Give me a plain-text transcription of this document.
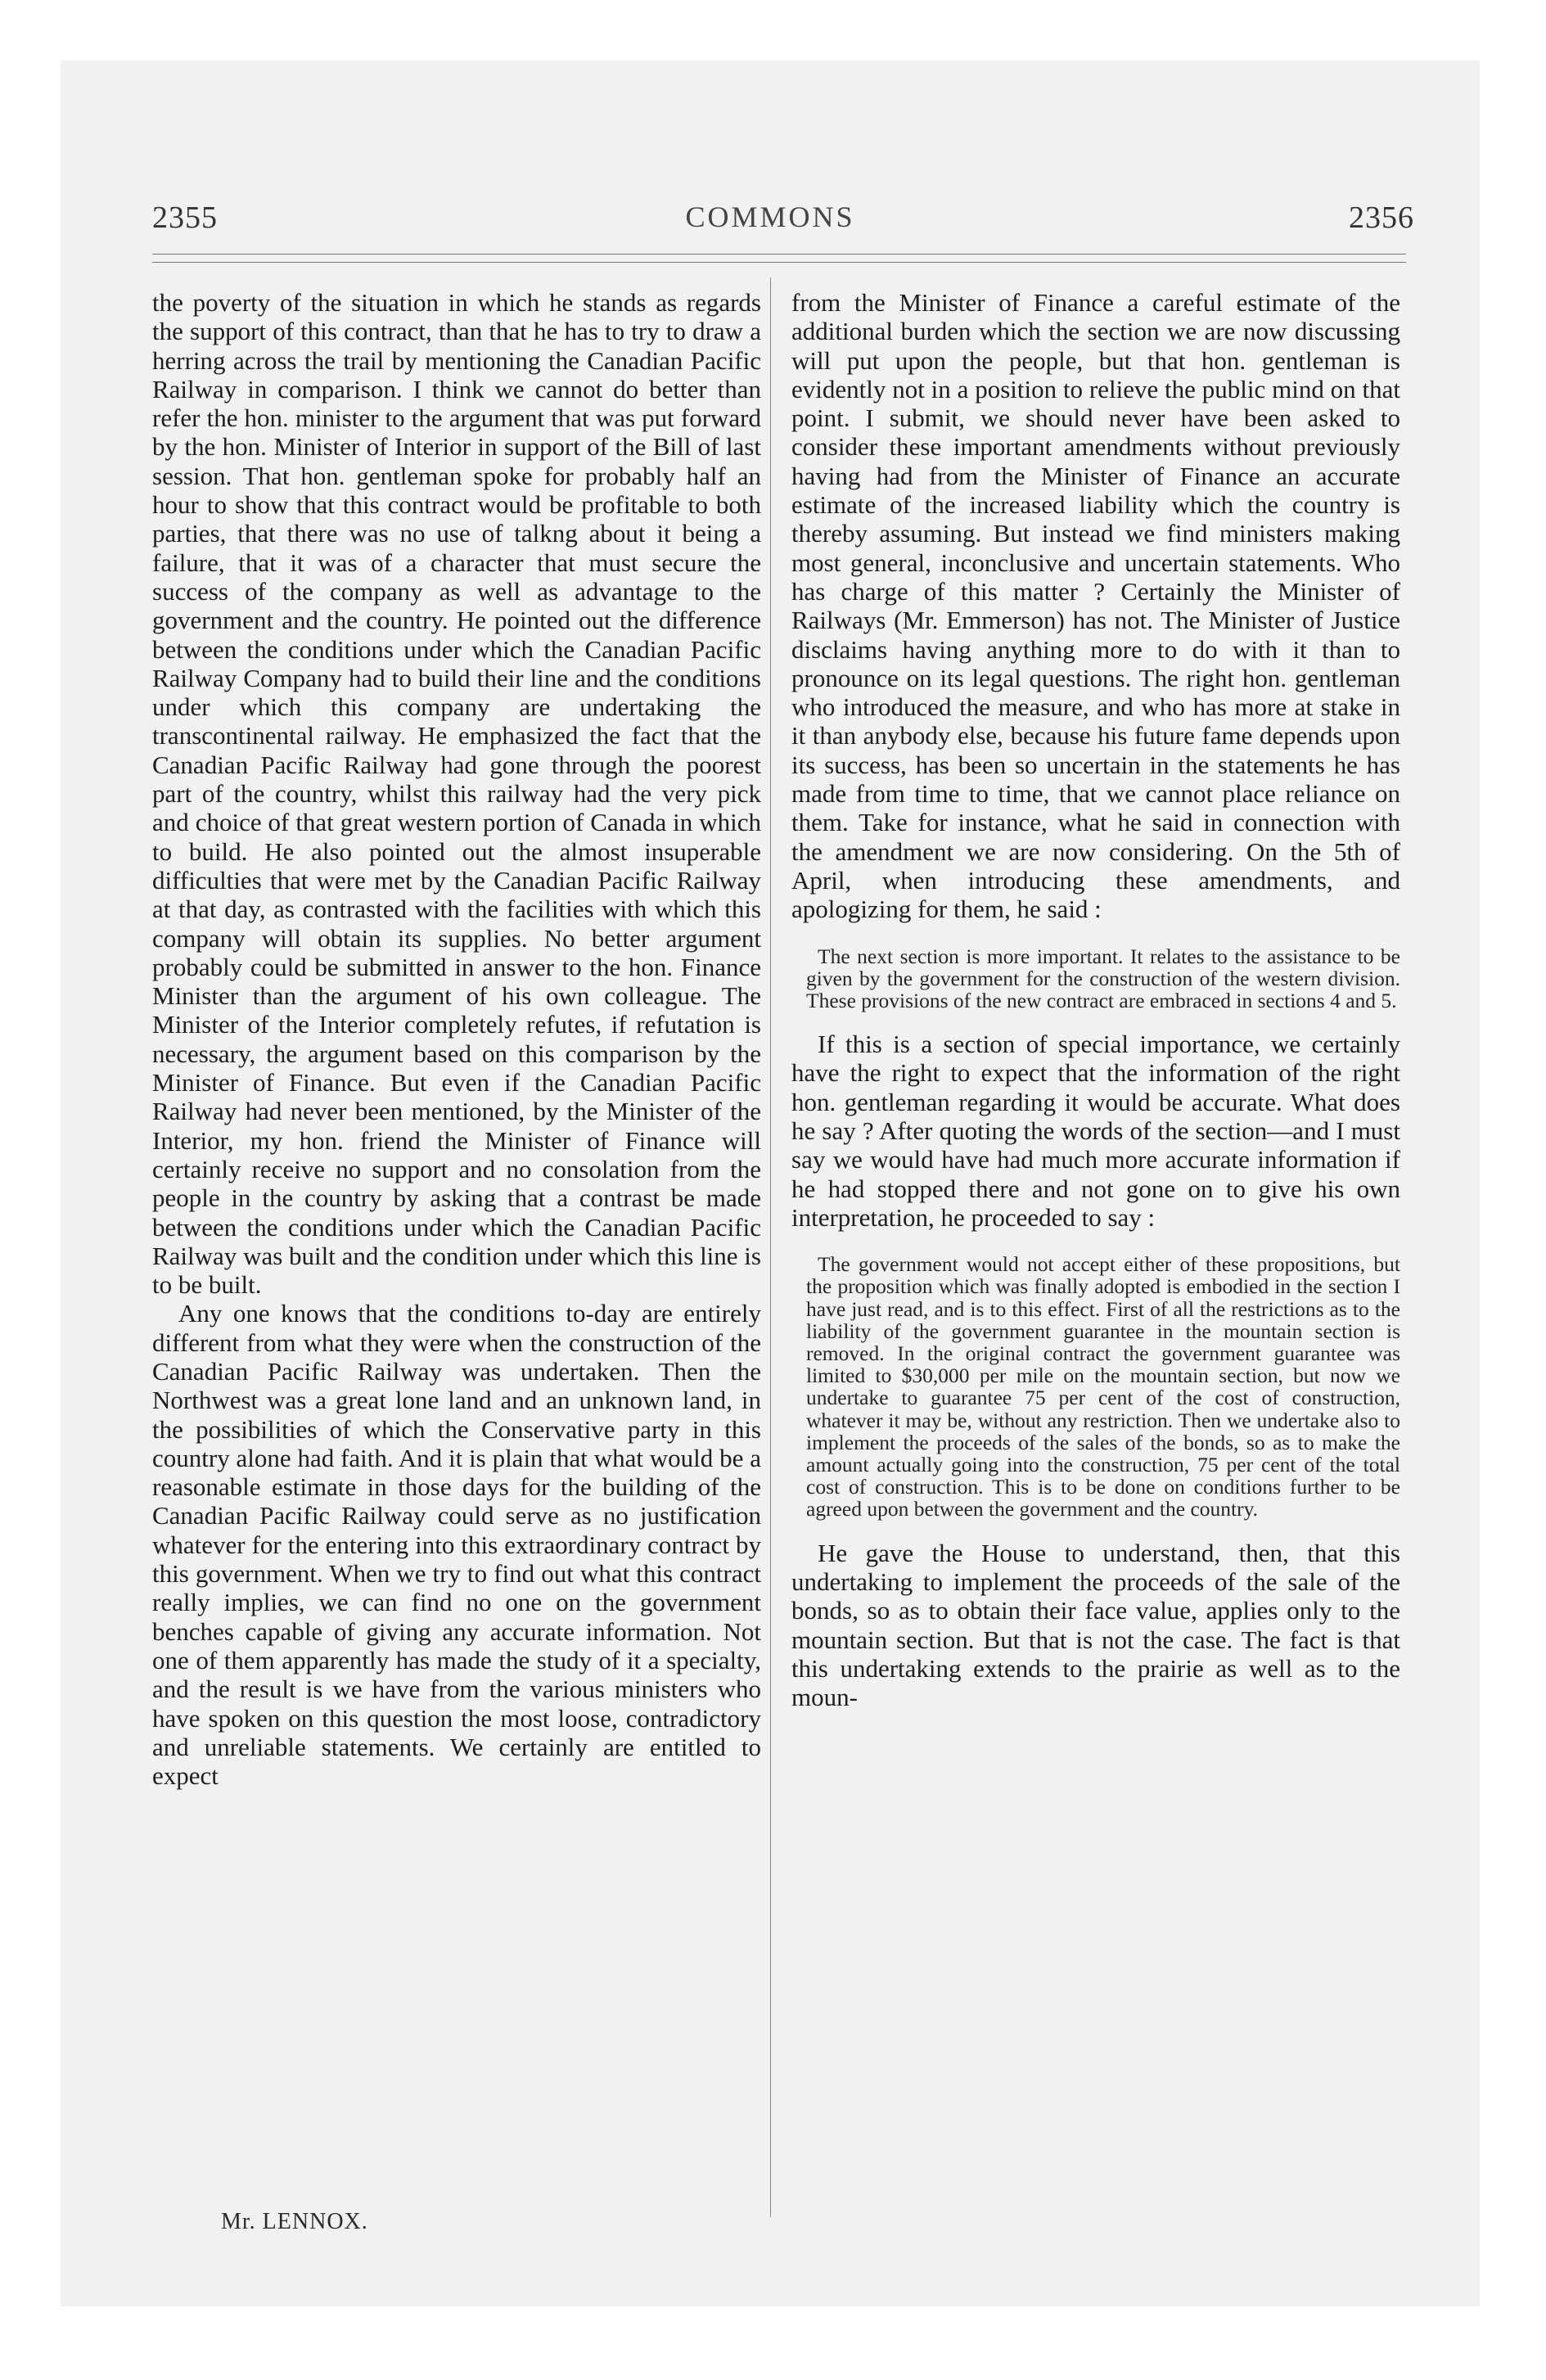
2355	COMMONS	2356

the poverty of the situation in which he stands as regards the support of this contract, than that he has to try to draw a herring across the trail by mentioning the Canadian Pacific Railway in comparison. I think we cannot do better than refer the hon. minister to the argument that was put forward by the hon. Minister of Interior in support of the Bill of last session. That hon. gentleman spoke for probably half an hour to show that this contract would be profitable to both parties, that there was no use of talkng about it being a failure, that it was of a character that must secure the success of the company as well as advantage to the government and the country. He pointed out the difference between the conditions under which the Canadian Pacific Railway Company had to build their line and the conditions under which this company are undertaking the transcontinental railway. He emphasized the fact that the Canadian Pacific Railway had gone through the poorest part of the country, whilst this railway had the very pick and choice of that great western portion of Canada in which to build. He also pointed out the almost insuperable difficulties that were met by the Canadian Pacific Railway at that day, as contrasted with the facilities with which this company will obtain its supplies. No better argument probably could be submitted in answer to the hon. Finance Minister than the argument of his own colleague. The Minister of the Interior completely refutes, if refutation is necessary, the argument based on this comparison by the Minister of Finance. But even if the Canadian Pacific Railway had never been mentioned, by the Minister of the Interior, my hon. friend the Minister of Finance will certainly receive no support and no consolation from the people in the country by asking that a contrast be made between the conditions under which the Canadian Pacific Railway was built and the condition under which this line is to be built.

Any one knows that the conditions to-day are entirely different from what they were when the construction of the Canadian Pacific Railway was undertaken. Then the Northwest was a great lone land and an unknown land, in the possibilities of which the Conservative party in this country alone had faith. And it is plain that what would be a reasonable estimate in those days for the building of the Canadian Pacific Railway could serve as no justification whatever for the entering into this extraordinary contract by this government. When we try to find out what this contract really implies, we can find no one on the government benches capable of giving any accurate information. Not one of them apparently has made the study of it a specialty, and the result is we have from the various ministers who have spoken on this question the most loose, contradictory and unreliable statements. We certainly are entitled to expect

from the Minister of Finance a careful estimate of the additional burden which the section we are now discussing will put upon the people, but that hon. gentleman is evidently not in a position to relieve the public mind on that point. I submit, we should never have been asked to consider these important amendments without previously having had from the Minister of Finance an accurate estimate of the increased liability which the country is thereby assuming. But instead we find ministers making most general, inconclusive and uncertain statements. Who has charge of this matter ? Certainly the Minister of Railways (Mr. Emmerson) has not. The Minister of Justice disclaims having anything more to do with it than to pronounce on its legal questions. The right hon. gentleman who introduced the measure, and who has more at stake in it than anybody else, because his future fame depends upon its success, has been so uncertain in the statements he has made from time to time, that we cannot place reliance on them. Take for instance, what he said in connection with the amendment we are now considering. On the 5th of April, when introducing these amendments, and apologizing for them, he said :

The next section is more important. It relates to the assistance to be given by the government for the construction of the western division. These provisions of the new contract are embraced in sections 4 and 5.

If this is a section of special importance, we certainly have the right to expect that the information of the right hon. gentleman regarding it would be accurate. What does he say ? After quoting the words of the section—and I must say we would have had much more accurate information if he had stopped there and not gone on to give his own interpretation, he proceeded to say :

The government would not accept either of these propositions, but the proposition which was finally adopted is embodied in the section I have just read, and is to this effect. First of all the restrictions as to the liability of the government guarantee in the mountain section is removed. In the original contract the government guarantee was limited to $30,000 per mile on the mountain section, but now we undertake to guarantee 75 per cent of the cost of construction, whatever it may be, without any restriction. Then we undertake also to implement the proceeds of the sales of the bonds, so as to make the amount actually going into the construction, 75 per cent of the total cost of construction. This is to be done on conditions further to be agreed upon between the government and the country.

He gave the House to understand, then, that this undertaking to implement the proceeds of the sale of the bonds, so as to obtain their face value, applies only to the mountain section. But that is not the case. The fact is that this undertaking extends to the prairie as well as to the moun-

Mr. LENNOX.
